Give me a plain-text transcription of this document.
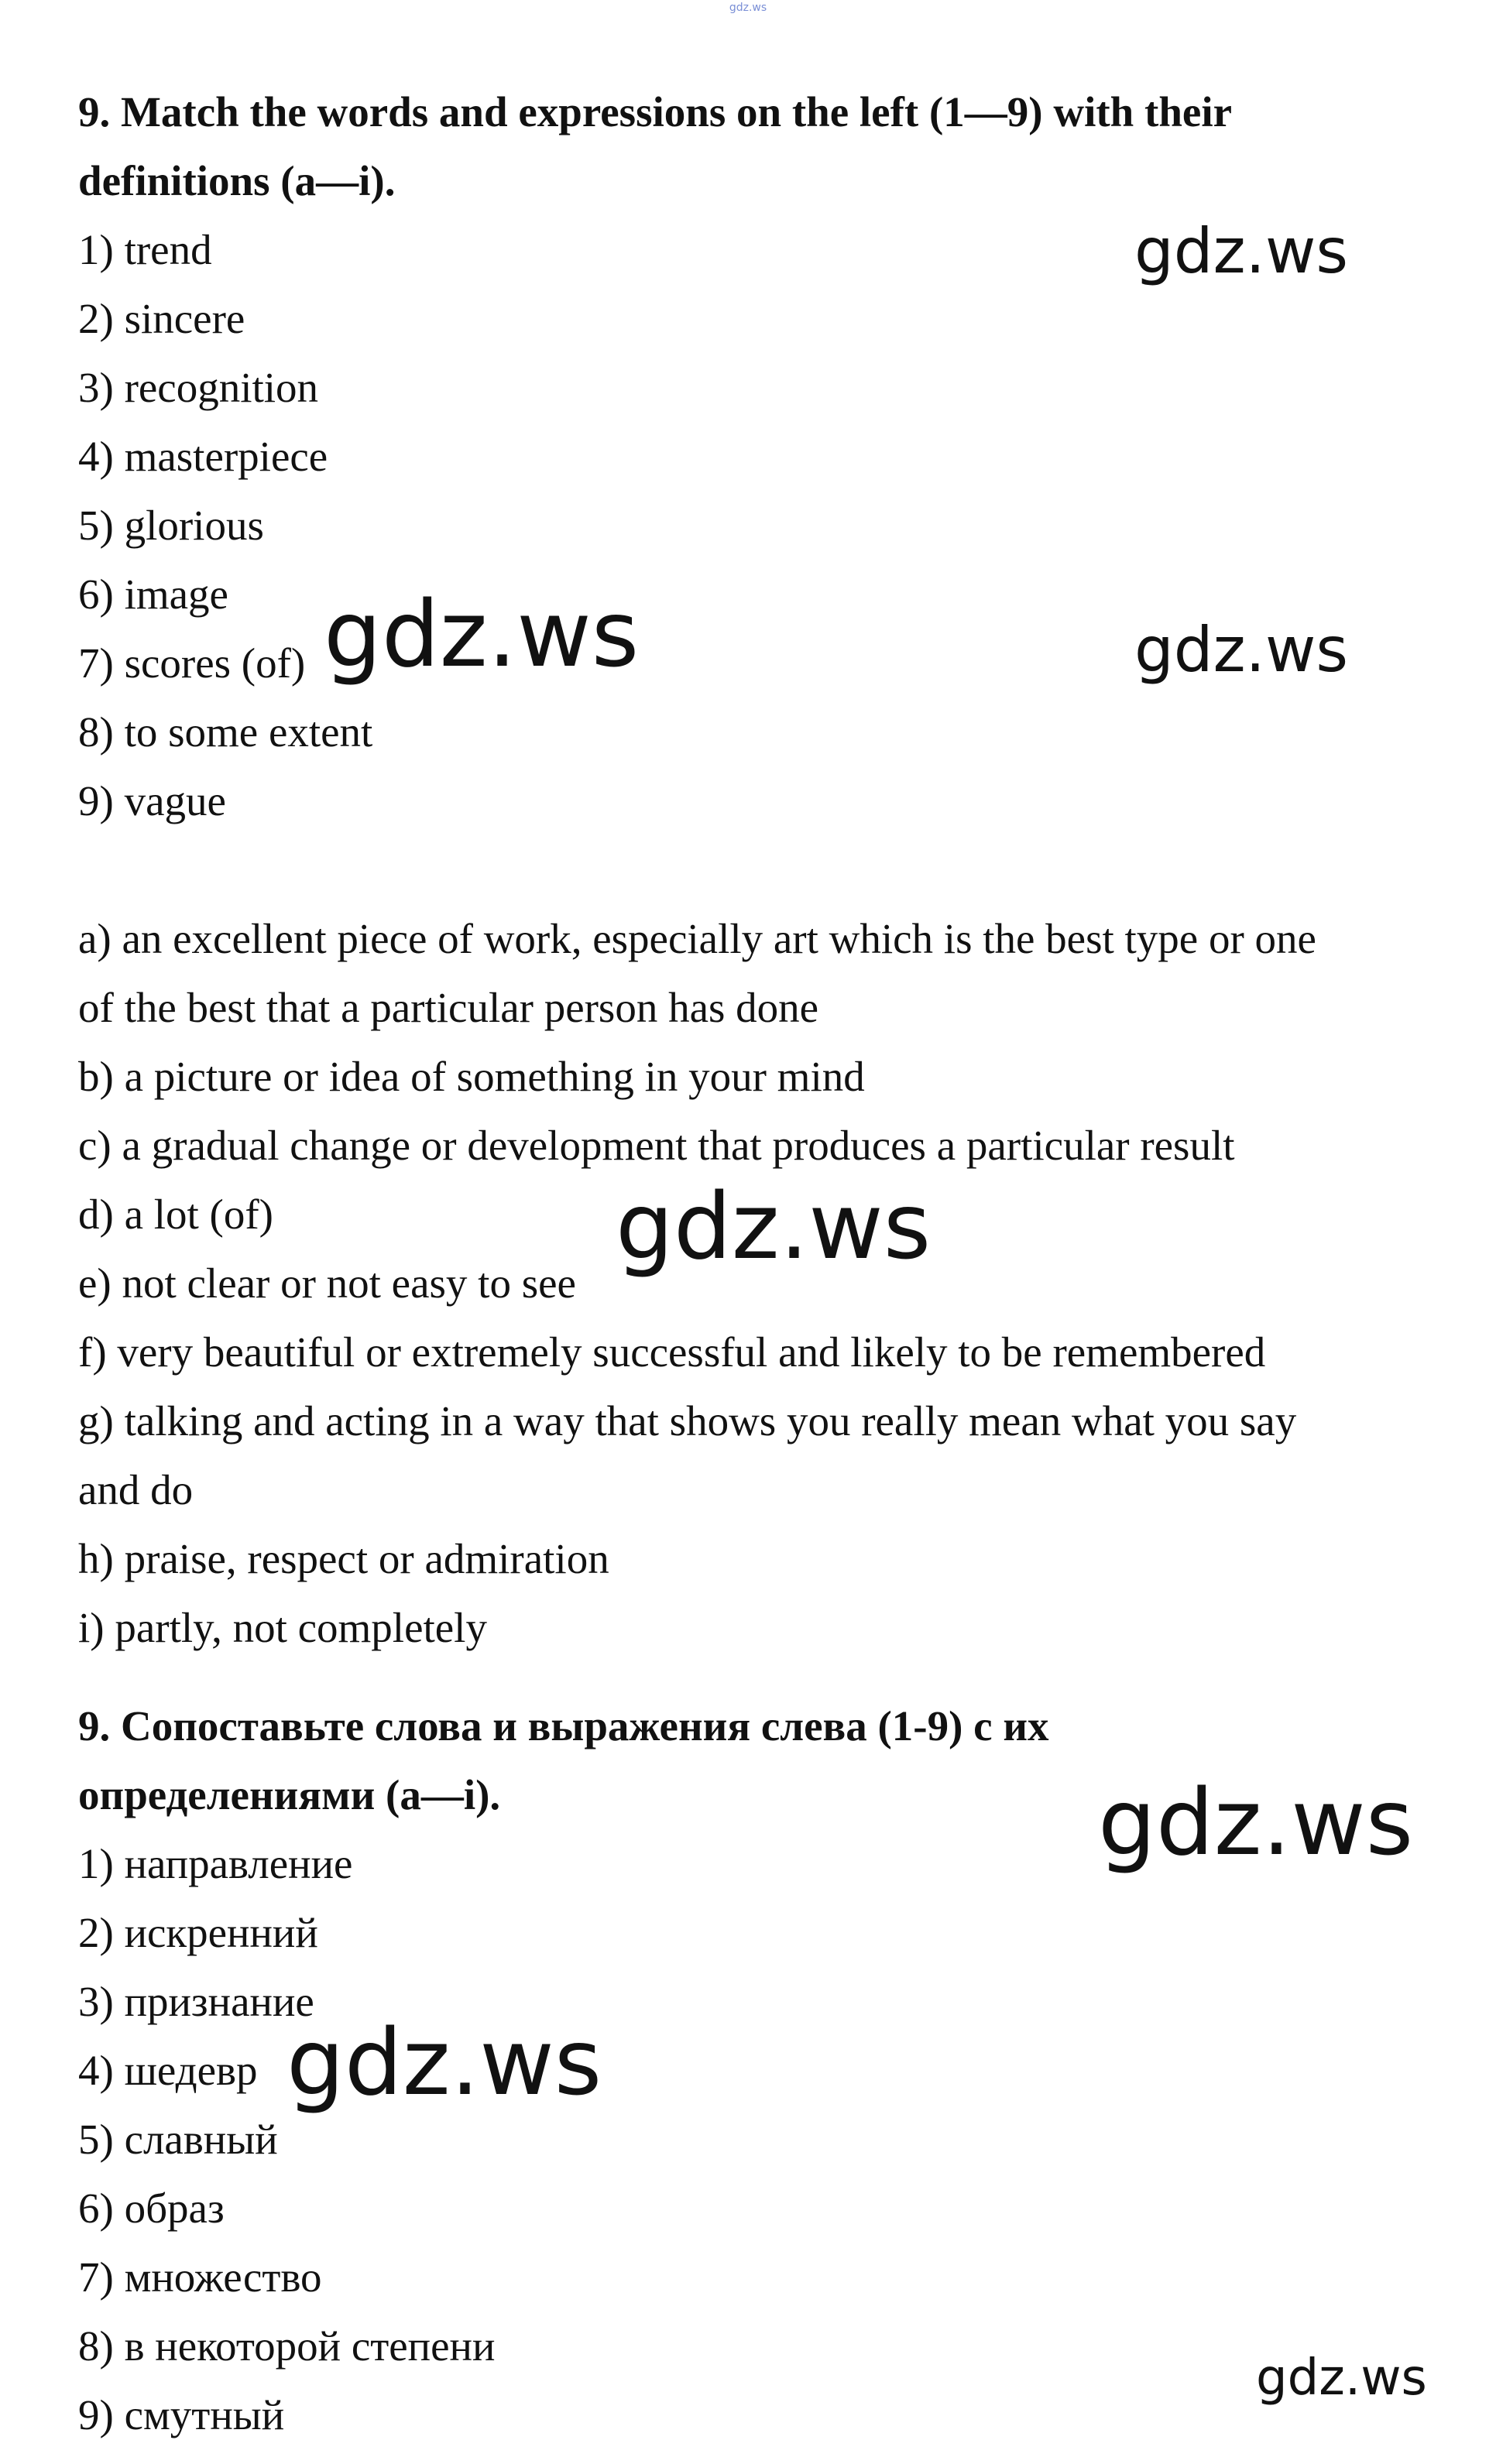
gdz.ws
9. Match the words and expressions on the left (1—9) with their
definitions (a—i).
1) trend
2) sincere
3) recognition
4) masterpiece
5) glorious
6) image
7) scores (of)
8) to some extent
9) vague
a) an excellent piece of work, especially art which is the best type or one
of the best that a particular person has done
b) a picture or idea of something in your mind
c) a gradual change or development that produces a particular result
d) a lot (of)
e) not clear or not easy to see
f) very beautiful or extremely successful and likely to be remembered
g) talking and acting in a way that shows you really mean what you say
and do
h) praise, respect or admiration
i) partly, not completely
9. Сопоставьте слова и выражения слева (1-9) с их
определениями (а—i).
1) направление
2) искренний
3) признание
4) шедевр
5) славный
6) образ
7) множество
8) в некоторой степени
9) смутный
gdz.ws
gdz.ws	gdz.ws
gdz.ws
gdz.ws
gdz.ws
gdz.ws
